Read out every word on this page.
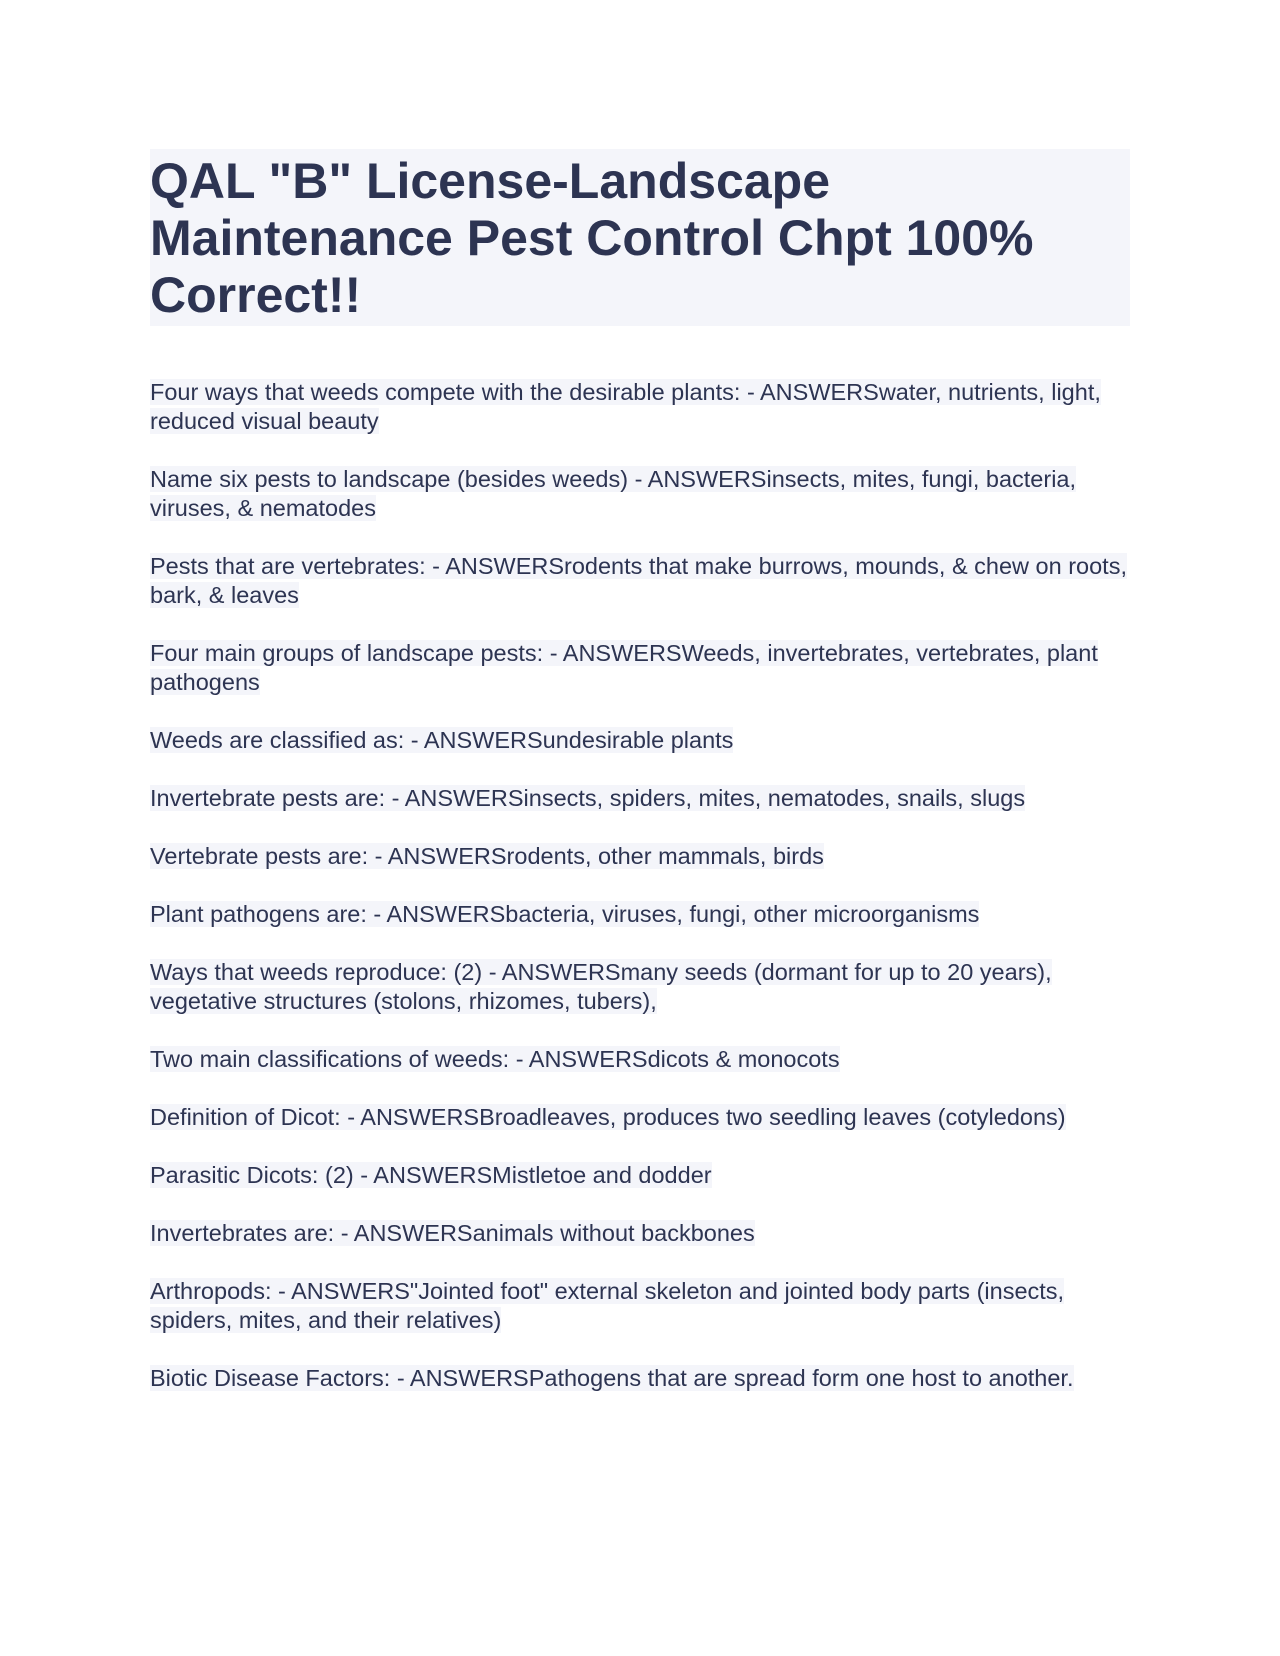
QAL "B" License-Landscape Maintenance Pest Control Chpt 100% Correct!!

Four ways that weeds compete with the desirable plants: - ANSWERSwater, nutrients, light, reduced visual beauty

Name six pests to landscape (besides weeds) - ANSWERSinsects, mites, fungi, bacteria, viruses, & nematodes

Pests that are vertebrates: - ANSWERSrodents that make burrows, mounds, & chew on roots, bark, & leaves

Four main groups of landscape pests: - ANSWERSWeeds, invertebrates, vertebrates, plant pathogens

Weeds are classified as: - ANSWERSundesirable plants

Invertebrate pests are: - ANSWERSinsects, spiders, mites, nematodes, snails, slugs

Vertebrate pests are: - ANSWERSrodents, other mammals, birds

Plant pathogens are: - ANSWERSbacteria, viruses, fungi, other microorganisms

Ways that weeds reproduce: (2) - ANSWERSmany seeds (dormant for up to 20 years), vegetative structures (stolons, rhizomes, tubers),

Two main classifications of weeds: - ANSWERSdicots & monocots

Definition of Dicot: - ANSWERSBroadleaves, produces two seedling leaves (cotyledons)

Parasitic Dicots: (2) - ANSWERSMistletoe and dodder

Invertebrates are: - ANSWERSanimals without backbones

Arthropods: - ANSWERS"Jointed foot" external skeleton and jointed body parts (insects, spiders, mites, and their relatives)

Biotic Disease Factors: - ANSWERSPathogens that are spread form one host to another.
